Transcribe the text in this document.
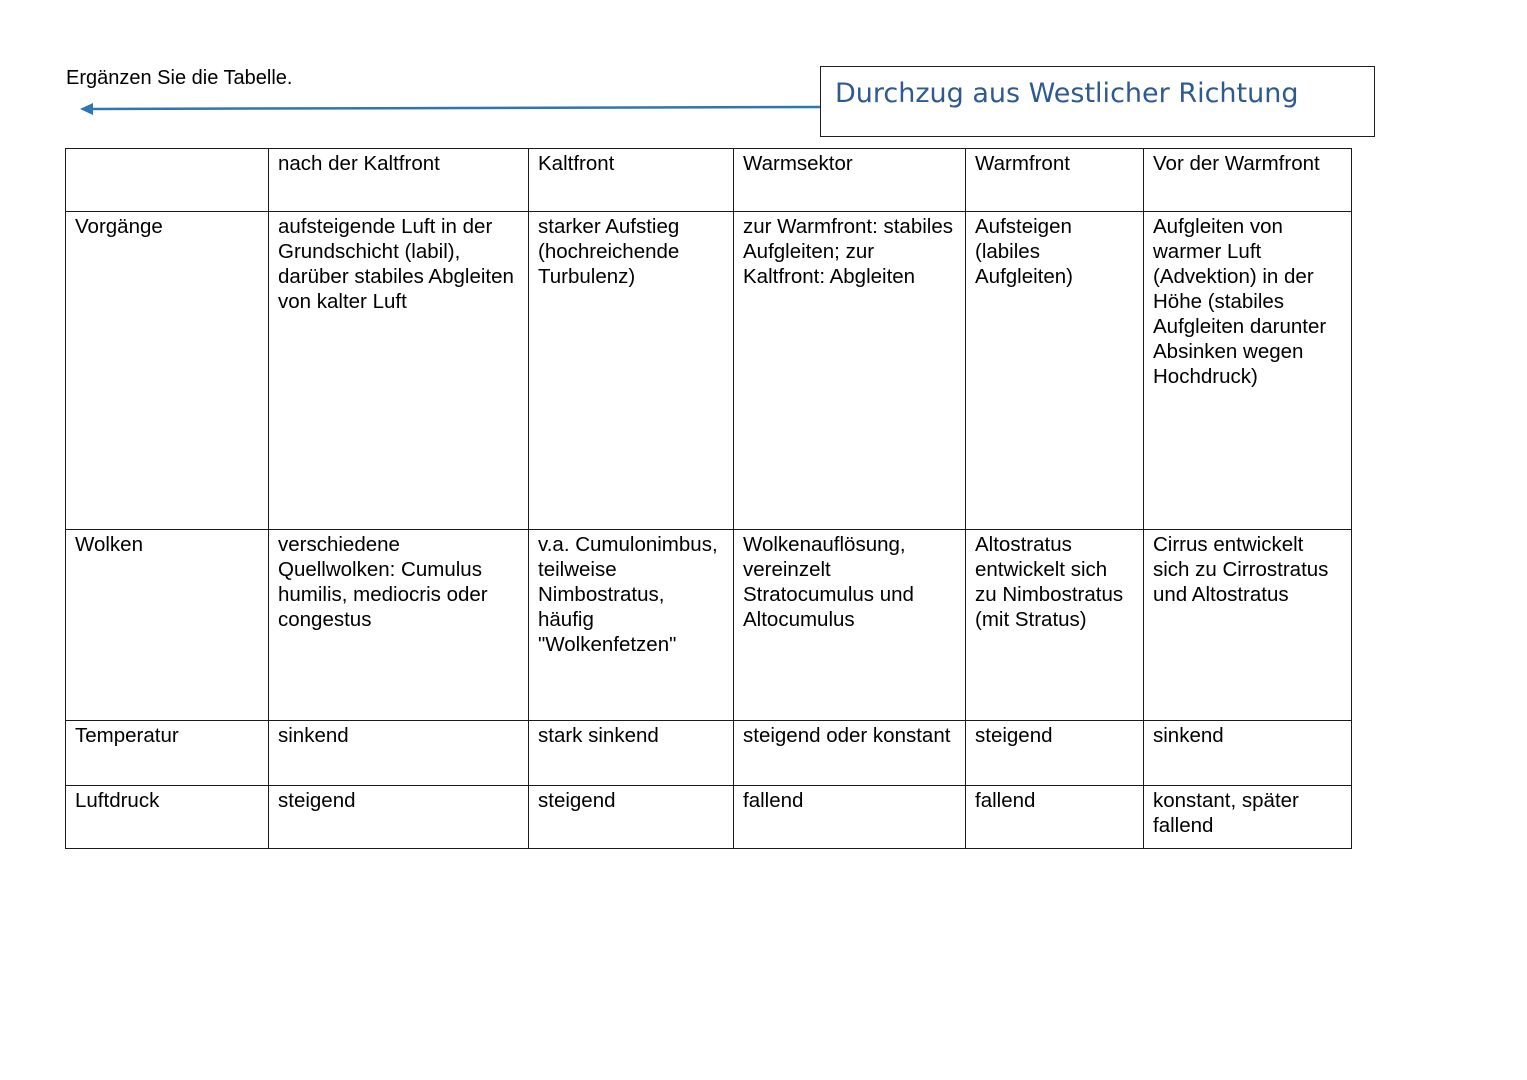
Ergänzen Sie die Tabelle.	Durchzug aus Westlicher Richtung
	nach der Kaltfront	Kaltfront	Warmsektor	Warmfront	Vor der Warmfront
Vorgänge	aufsteigende Luft in der Grundschicht (labil), darüber stabiles Abgleiten von kalter Luft	starker Aufstieg (hochreichende Turbulenz)	zur Warmfront: stabiles Aufgleiten; zur Kaltfront: Abgleiten	Aufsteigen (labiles Aufgleiten)	Aufgleiten von warmer Luft (Advektion) in der Höhe (stabiles Aufgleiten darunter Absinken wegen Hochdruck)
Wolken	verschiedene Quellwolken: Cumulus humilis, mediocris oder congestus	v.a. Cumulonimbus, teilweise Nimbostratus, häufig "Wolkenfetzen"	Wolkenauflösung, vereinzelt Stratocumulus und Altocumulus	Altostratus entwickelt sich zu Nimbostratus (mit Stratus)	Cirrus entwickelt sich zu Cirrostratus und Altostratus
Temperatur	sinkend	stark sinkend	steigend oder konstant	steigend	sinkend
Luftdruck	steigend	steigend	fallend	fallend	konstant, später fallend
